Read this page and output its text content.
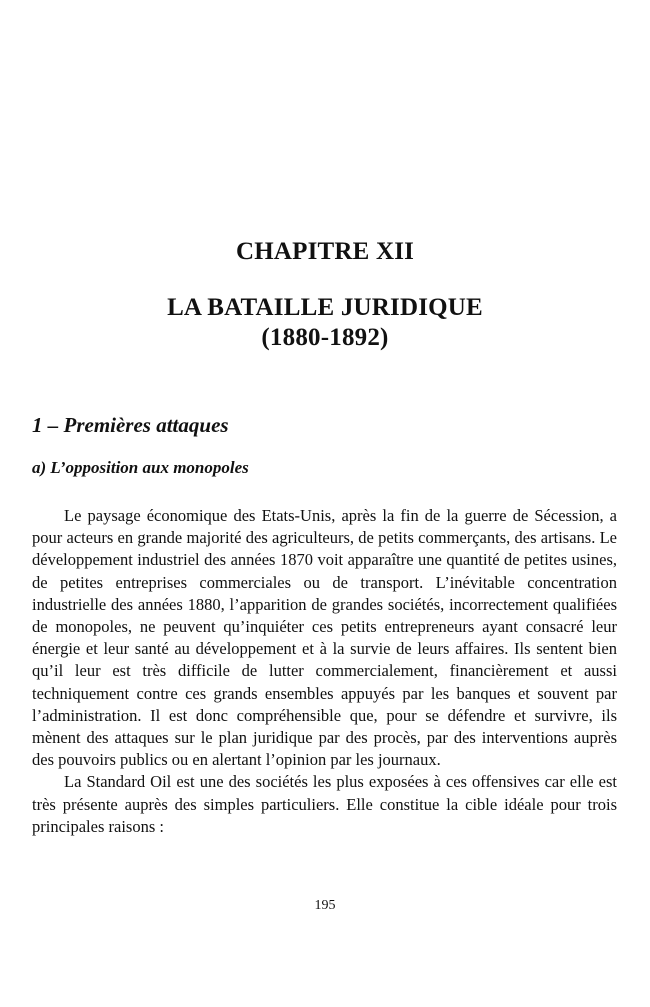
CHAPITRE XII
LA BATAILLE JURIDIQUE
(1880-1892)
1 – Premières attaques
a) L’opposition aux monopoles

Le paysage économique des Etats-Unis, après la fin de la guerre de Sécession, a pour acteurs en grande majorité des agriculteurs, de petits commerçants, des artisans. Le développement industriel des années 1870 voit apparaître une quantité de petites usines, de petites entreprises commerciales ou de transport. L’inévitable concentration industrielle des années 1880, l’apparition de grandes sociétés, incorrectement qualifiées de monopoles, ne peuvent qu’inquiéter ces petits entrepreneurs ayant consacré leur énergie et leur santé au développement et à la survie de leurs affaires. Ils sentent bien qu’il leur est très difficile de lutter commercialement, financièrement et aussi techniquement contre ces grands ensembles appuyés par les banques et souvent par l’administration. Il est donc compréhensible que, pour se défendre et survivre, ils mènent des attaques sur le plan juridique par des procès, par des interventions auprès des pouvoirs publics ou en alertant l’opinion par les journaux.

La Standard Oil est une des sociétés les plus exposées à ces offensives car elle est très présente auprès des simples particuliers. Elle constitue la cible idéale pour trois principales raisons :

195
